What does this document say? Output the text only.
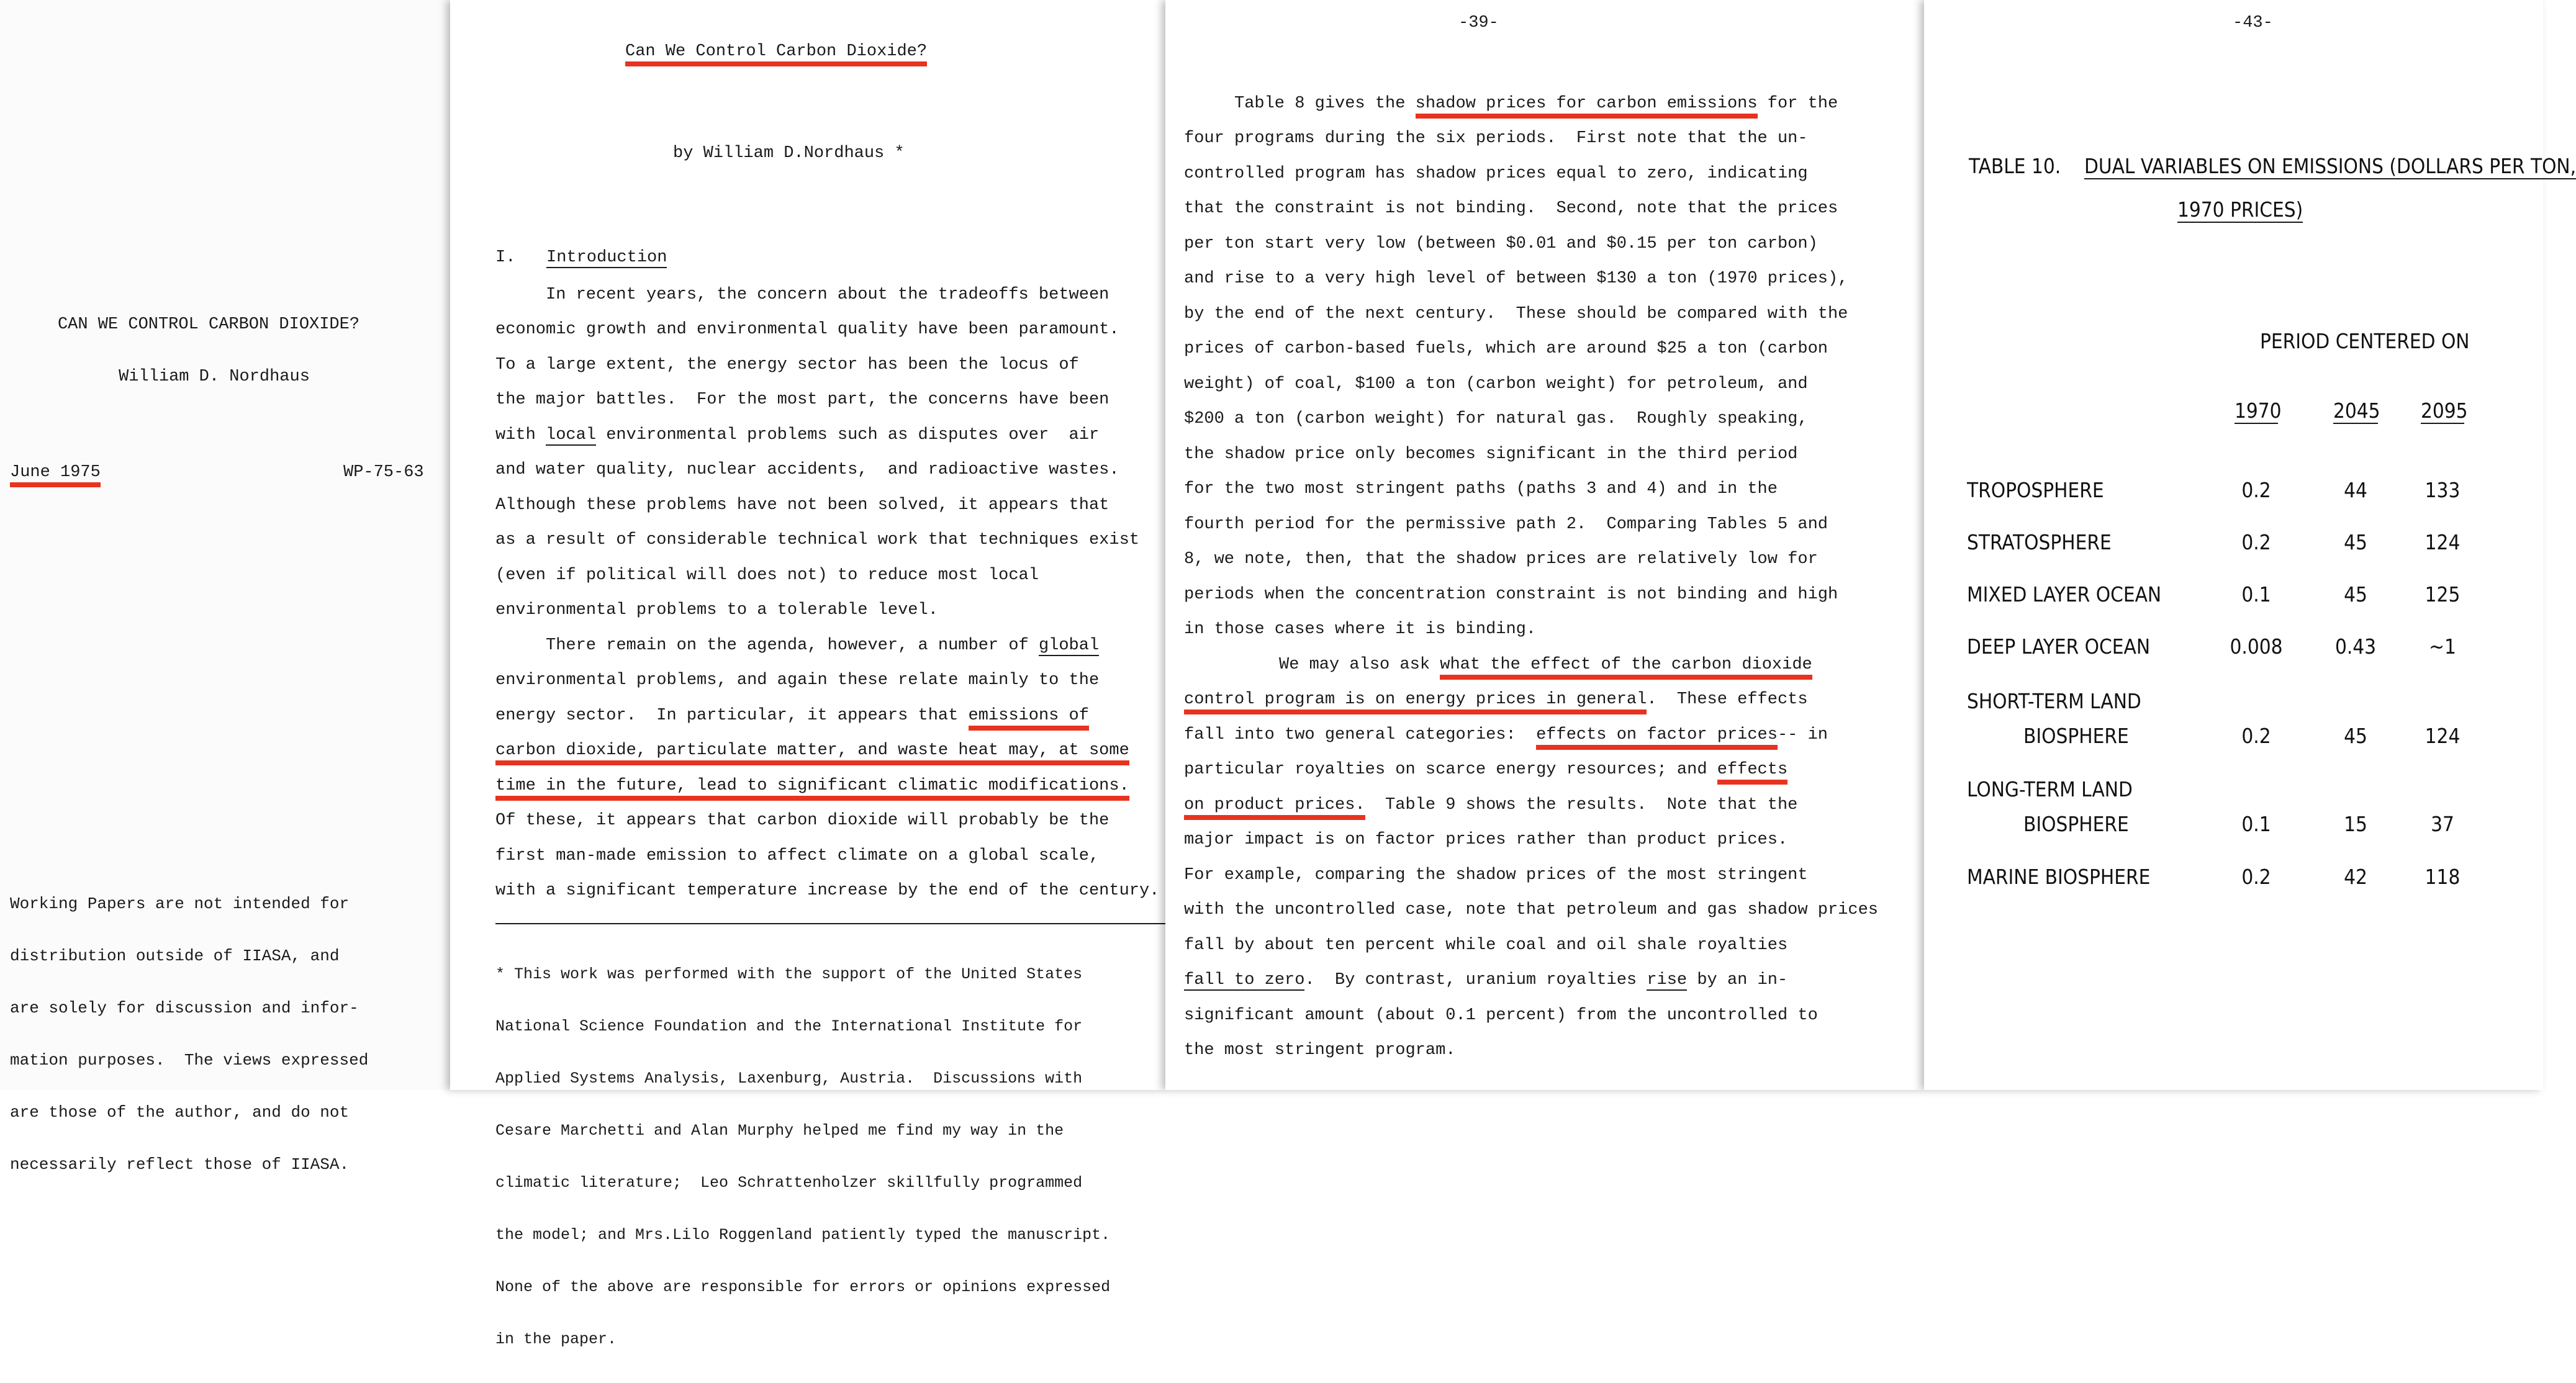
CAN WE CONTROL CARBON DIOXIDE?
William D. Nordhaus
June 1975	WP-75-63

Working Papers are not intended for

distribution outside of IIASA, and

are solely for discussion and infor-

mation purposes.  The views expressed

are those of the author, and do not

necessarily reflect those of IIASA.

Can We Control Carbon Dioxide?
by William D.Nordhaus *
I. Introduction
In recent years, the concern about the tradeoffs between
economic growth and environmental quality have been paramount.
To a large extent, the energy sector has been the locus of
the major battles.  For the most part, the concerns have been
with local environmental problems such as disputes over  air
and water quality, nuclear accidents,  and radioactive wastes.
Although these problems have not been solved, it appears that
as a result of considerable technical work that techniques exist
(even if political will does not) to reduce most local
environmental problems to a tolerable level.
There remain on the agenda, however, a number of global
environmental problems, and again these relate mainly to the
energy sector.  In particular, it appears that emissions of
carbon dioxide, particulate matter, and waste heat may, at some
time in the future, lead to significant climatic modifications.
Of these, it appears that carbon dioxide will probably be the
first man-made emission to affect climate on a global scale,
with a significant temperature increase by the end of the century.

* This work was performed with the support of the United States

National Science Foundation and the International Institute for

Applied Systems Analysis, Laxenburg, Austria.  Discussions with

Cesare Marchetti and Alan Murphy helped me find my way in the

climatic literature;  Leo Schrattenholzer skillfully programmed

the model; and Mrs.Lilo Roggenland patiently typed the manuscript.

None of the above are responsible for errors or opinions expressed

in the paper.

-39-
Table 8 gives the shadow prices for carbon emissions for the
four programs during the six periods.  First note that the un-
controlled program has shadow prices equal to zero, indicating
that the constraint is not binding.  Second, note that the prices
per ton start very low (between $0.01 and $0.15 per ton carbon)
and rise to a very high level of between $130 a ton (1970 prices),
by the end of the next century.  These should be compared with the
prices of carbon-based fuels, which are around $25 a ton (carbon
weight) of coal, $100 a ton (carbon weight) for petroleum, and
$200 a ton (carbon weight) for natural gas.  Roughly speaking,
the shadow price only becomes significant in the third period
for the two most stringent paths (paths 3 and 4) and in the
fourth period for the permissive path 2.  Comparing Tables 5 and
8, we note, then, that the shadow prices are relatively low for
periods when the concentration constraint is not binding and high
in those cases where it is binding.
We may also ask what the effect of the carbon dioxide
control program is on energy prices in general.  These effects
fall into two general categories:  effects on factor prices-- in
particular royalties on scarce energy resources; and effects
on product prices.  Table 9 shows the results.  Note that the
major impact is on factor prices rather than product prices.
For example, comparing the shadow prices of the most stringent
with the uncontrolled case, note that petroleum and gas shadow prices
fall by about ten percent while coal and oil shale royalties
fall to zero.  By contrast, uranium royalties rise by an in-
significant amount (about 0.1 percent) from the uncontrolled to
the most stringent program.
-43-
TABLE 10. DUAL VARIABLES ON EMISSIONS (DOLLARS PER TON,
1970 PRICES)
PERIOD CENTERED ON
1970	2045 2095
TROPOSPHERE	0.2	44	133
STRATOSPHERE	0.2	45	124
MIXED LAYER OCEAN	0.1	45	125
DEEP LAYER OCEAN	0.008	0.43	~1
SHORT-TERM LAND
BIOSPHERE	0.2	45	124
LONG-TERM LAND
BIOSPHERE	0.1	15	37
MARINE BIOSPHERE	0.2	42	118
